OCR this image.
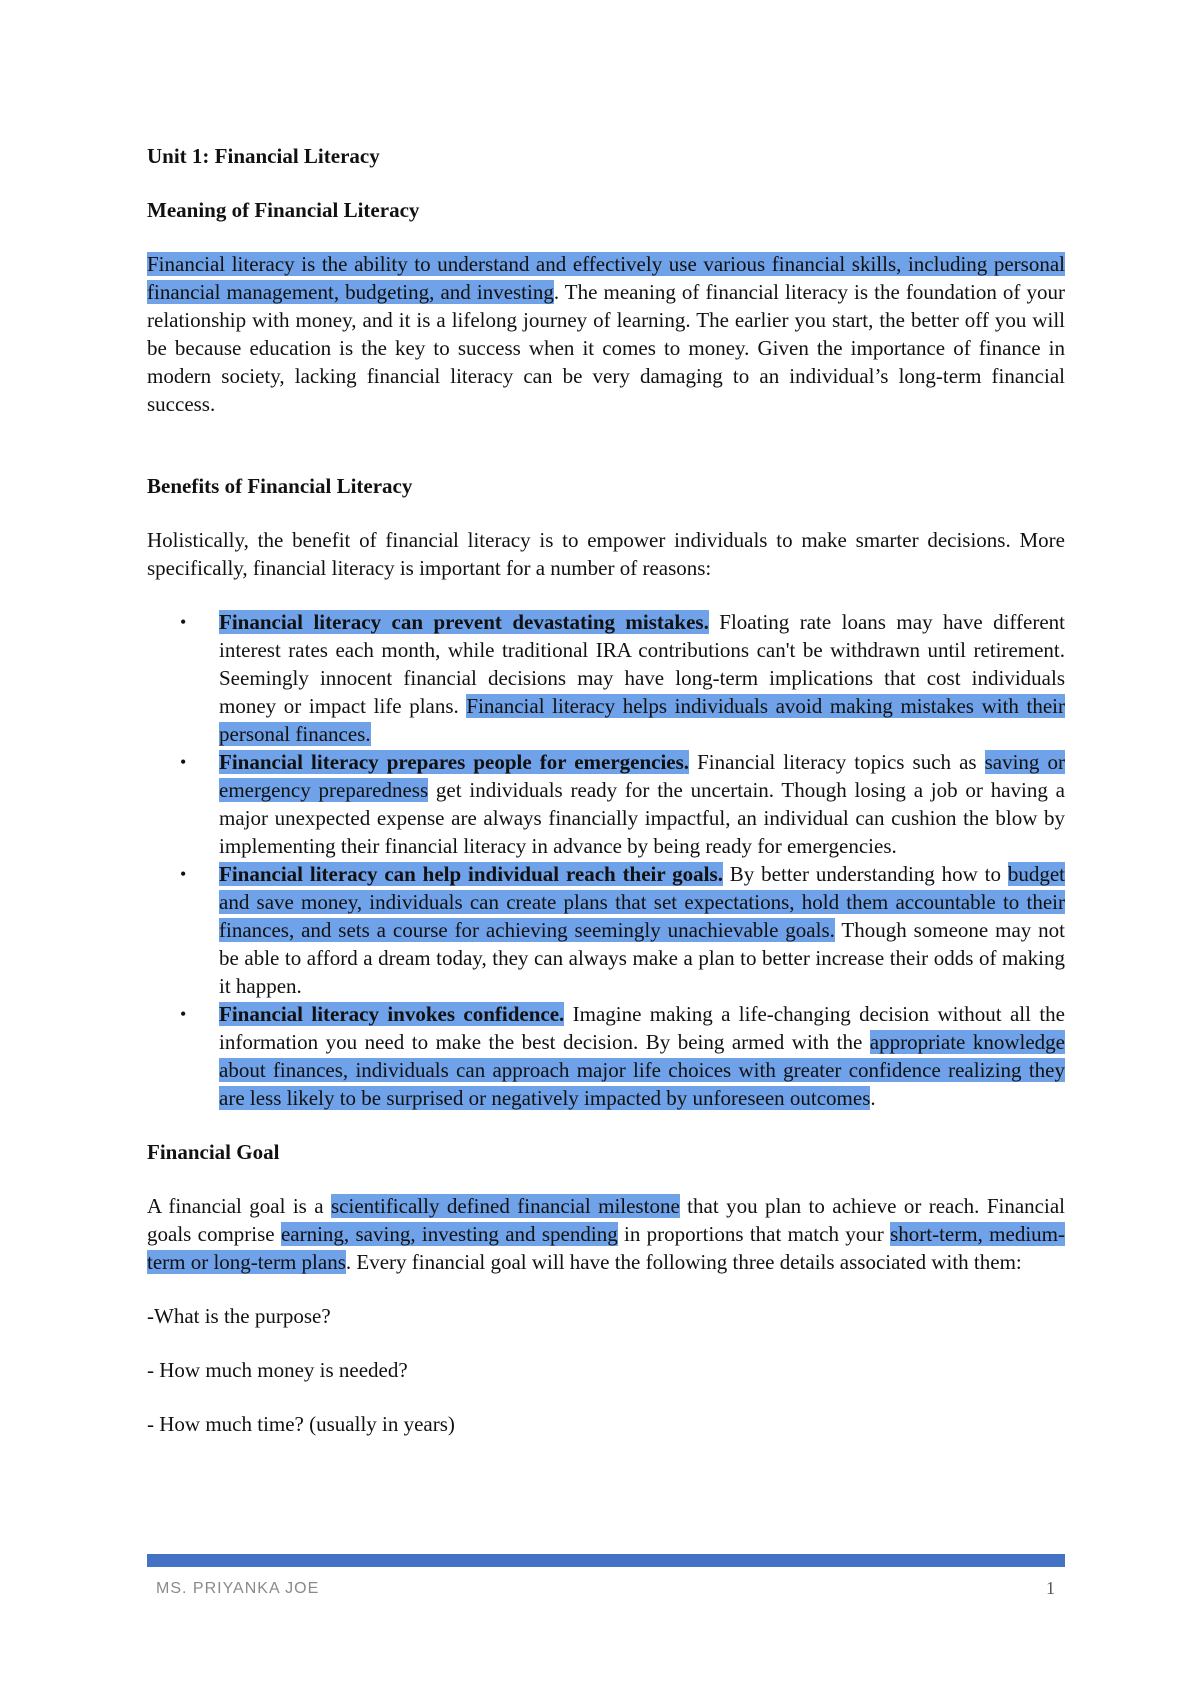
Unit 1: Financial Literacy
Meaning of Financial Literacy

Financial literacy is the ability to understand and effectively use various financial skills, including personal financial management, budgeting, and investing. The meaning of financial literacy is the foundation of your relationship with money, and it is a lifelong journey of learning. The earlier you start, the better off you will be because education is the key to success when it comes to money. Given the importance of finance in modern society, lacking financial literacy can be very damaging to an individual’s long-term financial success.

Benefits of Financial Literacy

Holistically, the benefit of financial literacy is to empower individuals to make smarter decisions. More specifically, financial literacy is important for a number of reasons:

• Financial literacy can prevent devastating mistakes. Floating rate loans may have different interest rates each month, while traditional IRA contributions can't be withdrawn until retirement. Seemingly innocent financial decisions may have long-term implications that cost individuals money or impact life plans. Financial literacy helps individuals avoid making mistakes with their personal finances.
• Financial literacy prepares people for emergencies. Financial literacy topics such as saving or emergency preparedness get individuals ready for the uncertain. Though losing a job or having a major unexpected expense are always financially impactful, an individual can cushion the blow by implementing their financial literacy in advance by being ready for emergencies.
• Financial literacy can help individual reach their goals. By better understanding how to budget and save money, individuals can create plans that set expectations, hold them accountable to their finances, and sets a course for achieving seemingly unachievable goals. Though someone may not be able to afford a dream today, they can always make a plan to better increase their odds of making it happen.
• Financial literacy invokes confidence. Imagine making a life-changing decision without all the information you need to make the best decision. By being armed with the appropriate knowledge about finances, individuals can approach major life choices with greater confidence realizing they are less likely to be surprised or negatively impacted by unforeseen outcomes.
Financial Goal

A financial goal is a scientifically defined financial milestone that you plan to achieve or reach. Financial goals comprise earning, saving, investing and spending in proportions that match your short-term, medium-term or long-term plans. Every financial goal will have the following three details associated with them:

-What is the purpose?

- How much money is needed?

- How much time? (usually in years)

MS. PRIYANKA JOE	1
